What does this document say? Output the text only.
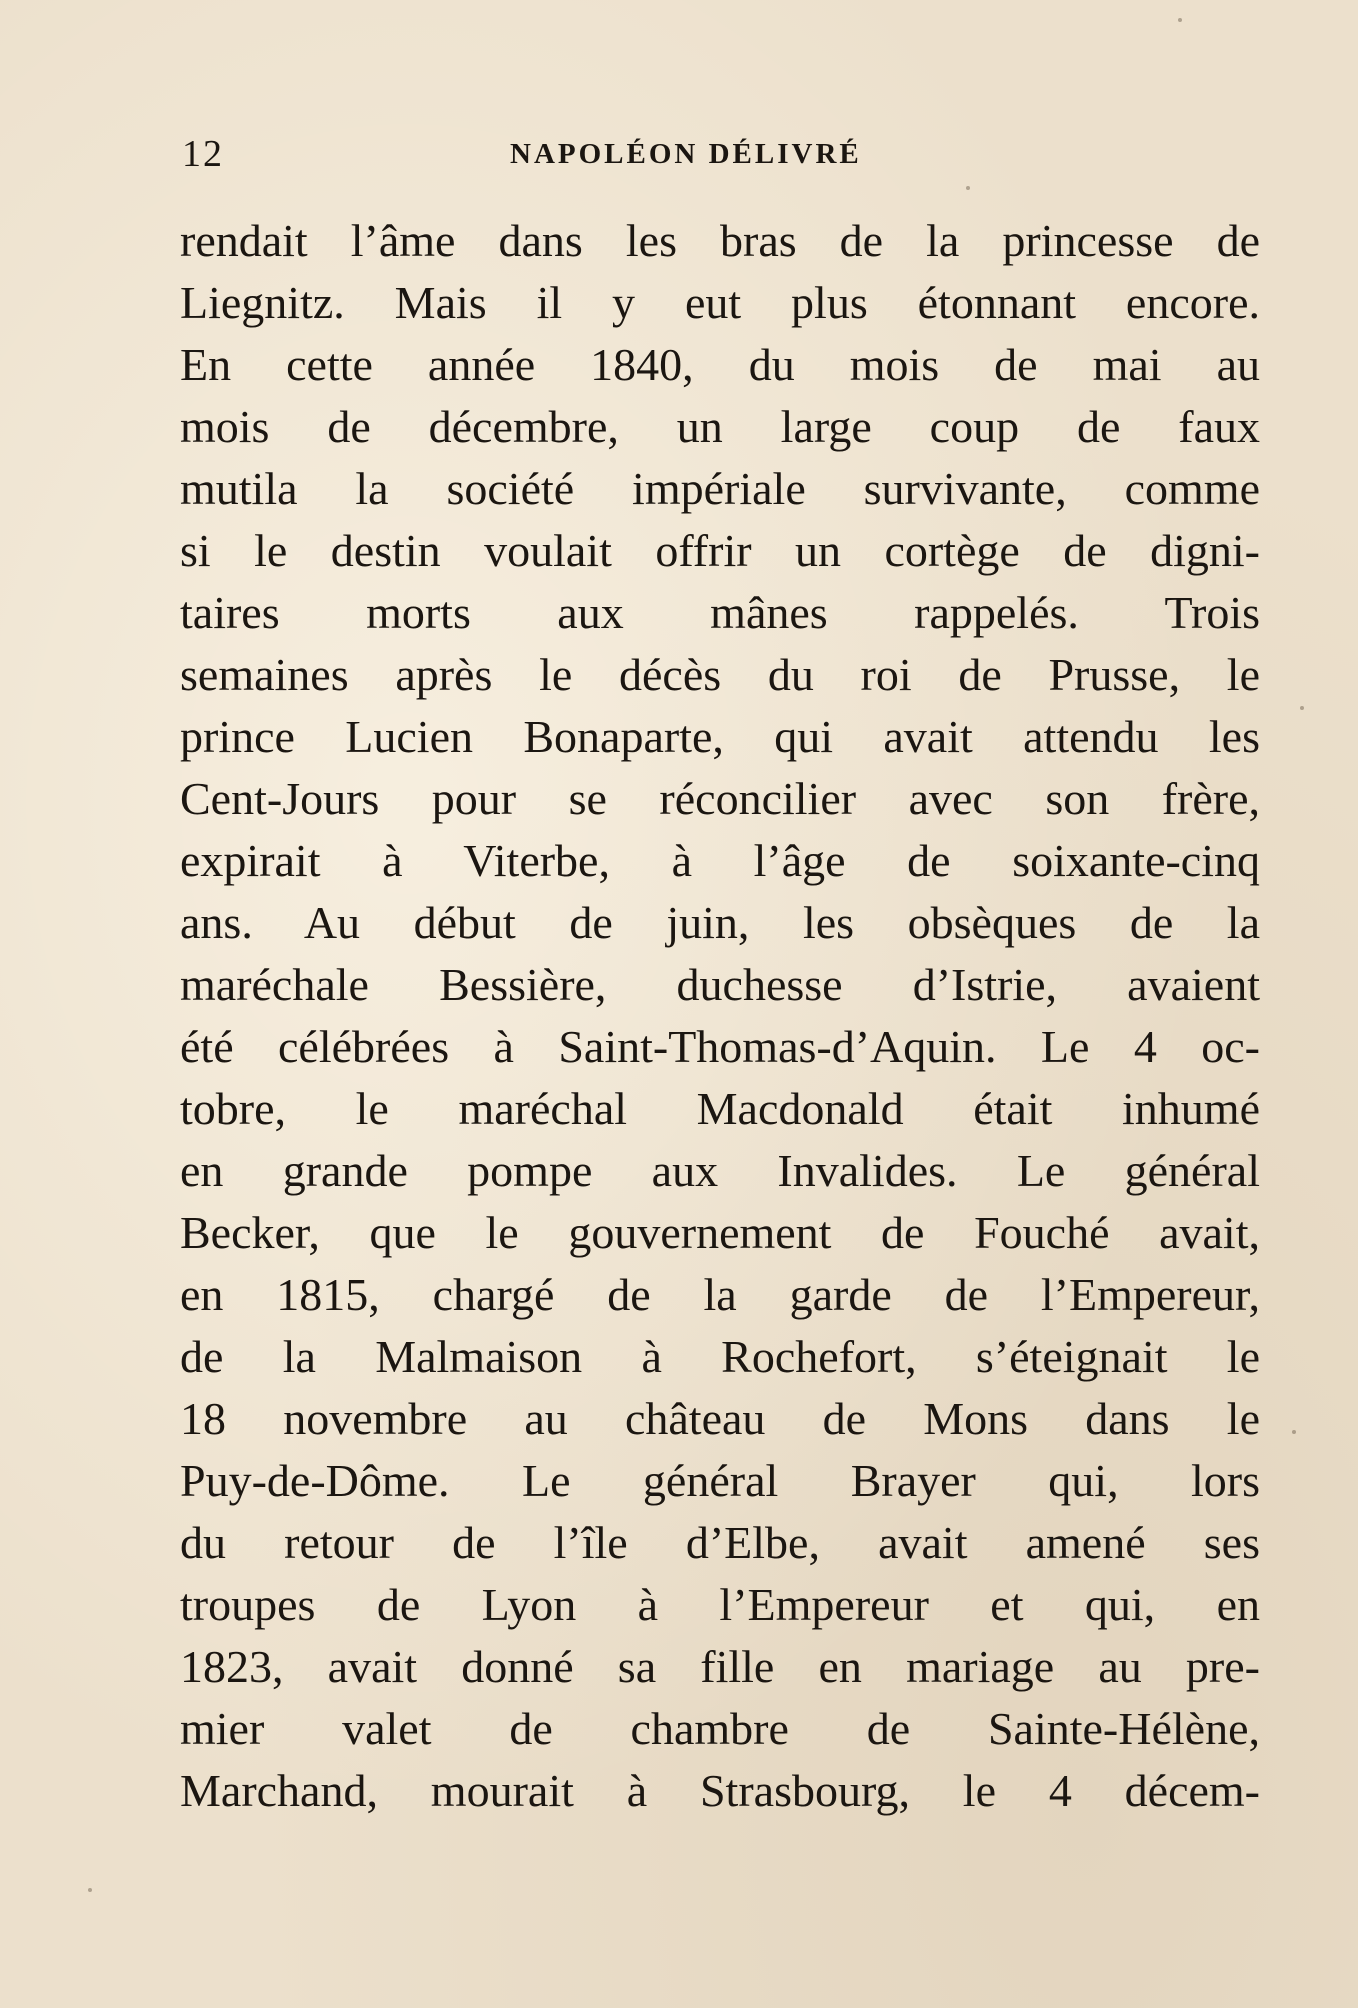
12	NAPOLÉON DÉLIVRÉ
rendait l’âme dans les bras de la princesse de
Liegnitz. Mais il y eut plus étonnant encore.
En cette année 1840, du mois de mai au
mois de décembre, un large coup de faux
mutila la société impériale survivante, comme
si le destin voulait offrir un cortège de digni-
taires morts aux mânes rappelés. Trois
semaines après le décès du roi de Prusse, le
prince Lucien Bonaparte, qui avait attendu les
Cent-Jours pour se réconcilier avec son frère,
expirait à Viterbe, à l’âge de soixante-cinq
ans. Au début de juin, les obsèques de la
maréchale Bessière, duchesse d’Istrie, avaient
été célébrées à Saint-Thomas-d’Aquin. Le 4 oc-
tobre, le maréchal Macdonald était inhumé
en grande pompe aux Invalides. Le général
Becker, que le gouvernement de Fouché avait,
en 1815, chargé de la garde de l’Empereur,
de la Malmaison à Rochefort, s’éteignait le
18 novembre au château de Mons dans le
Puy-de-Dôme. Le général Brayer qui, lors
du retour de l’île d’Elbe, avait amené ses
troupes de Lyon à l’Empereur et qui, en
1823, avait donné sa fille en mariage au pre-
mier valet de chambre de Sainte-Hélène,
Marchand, mourait à Strasbourg, le 4 décem-
